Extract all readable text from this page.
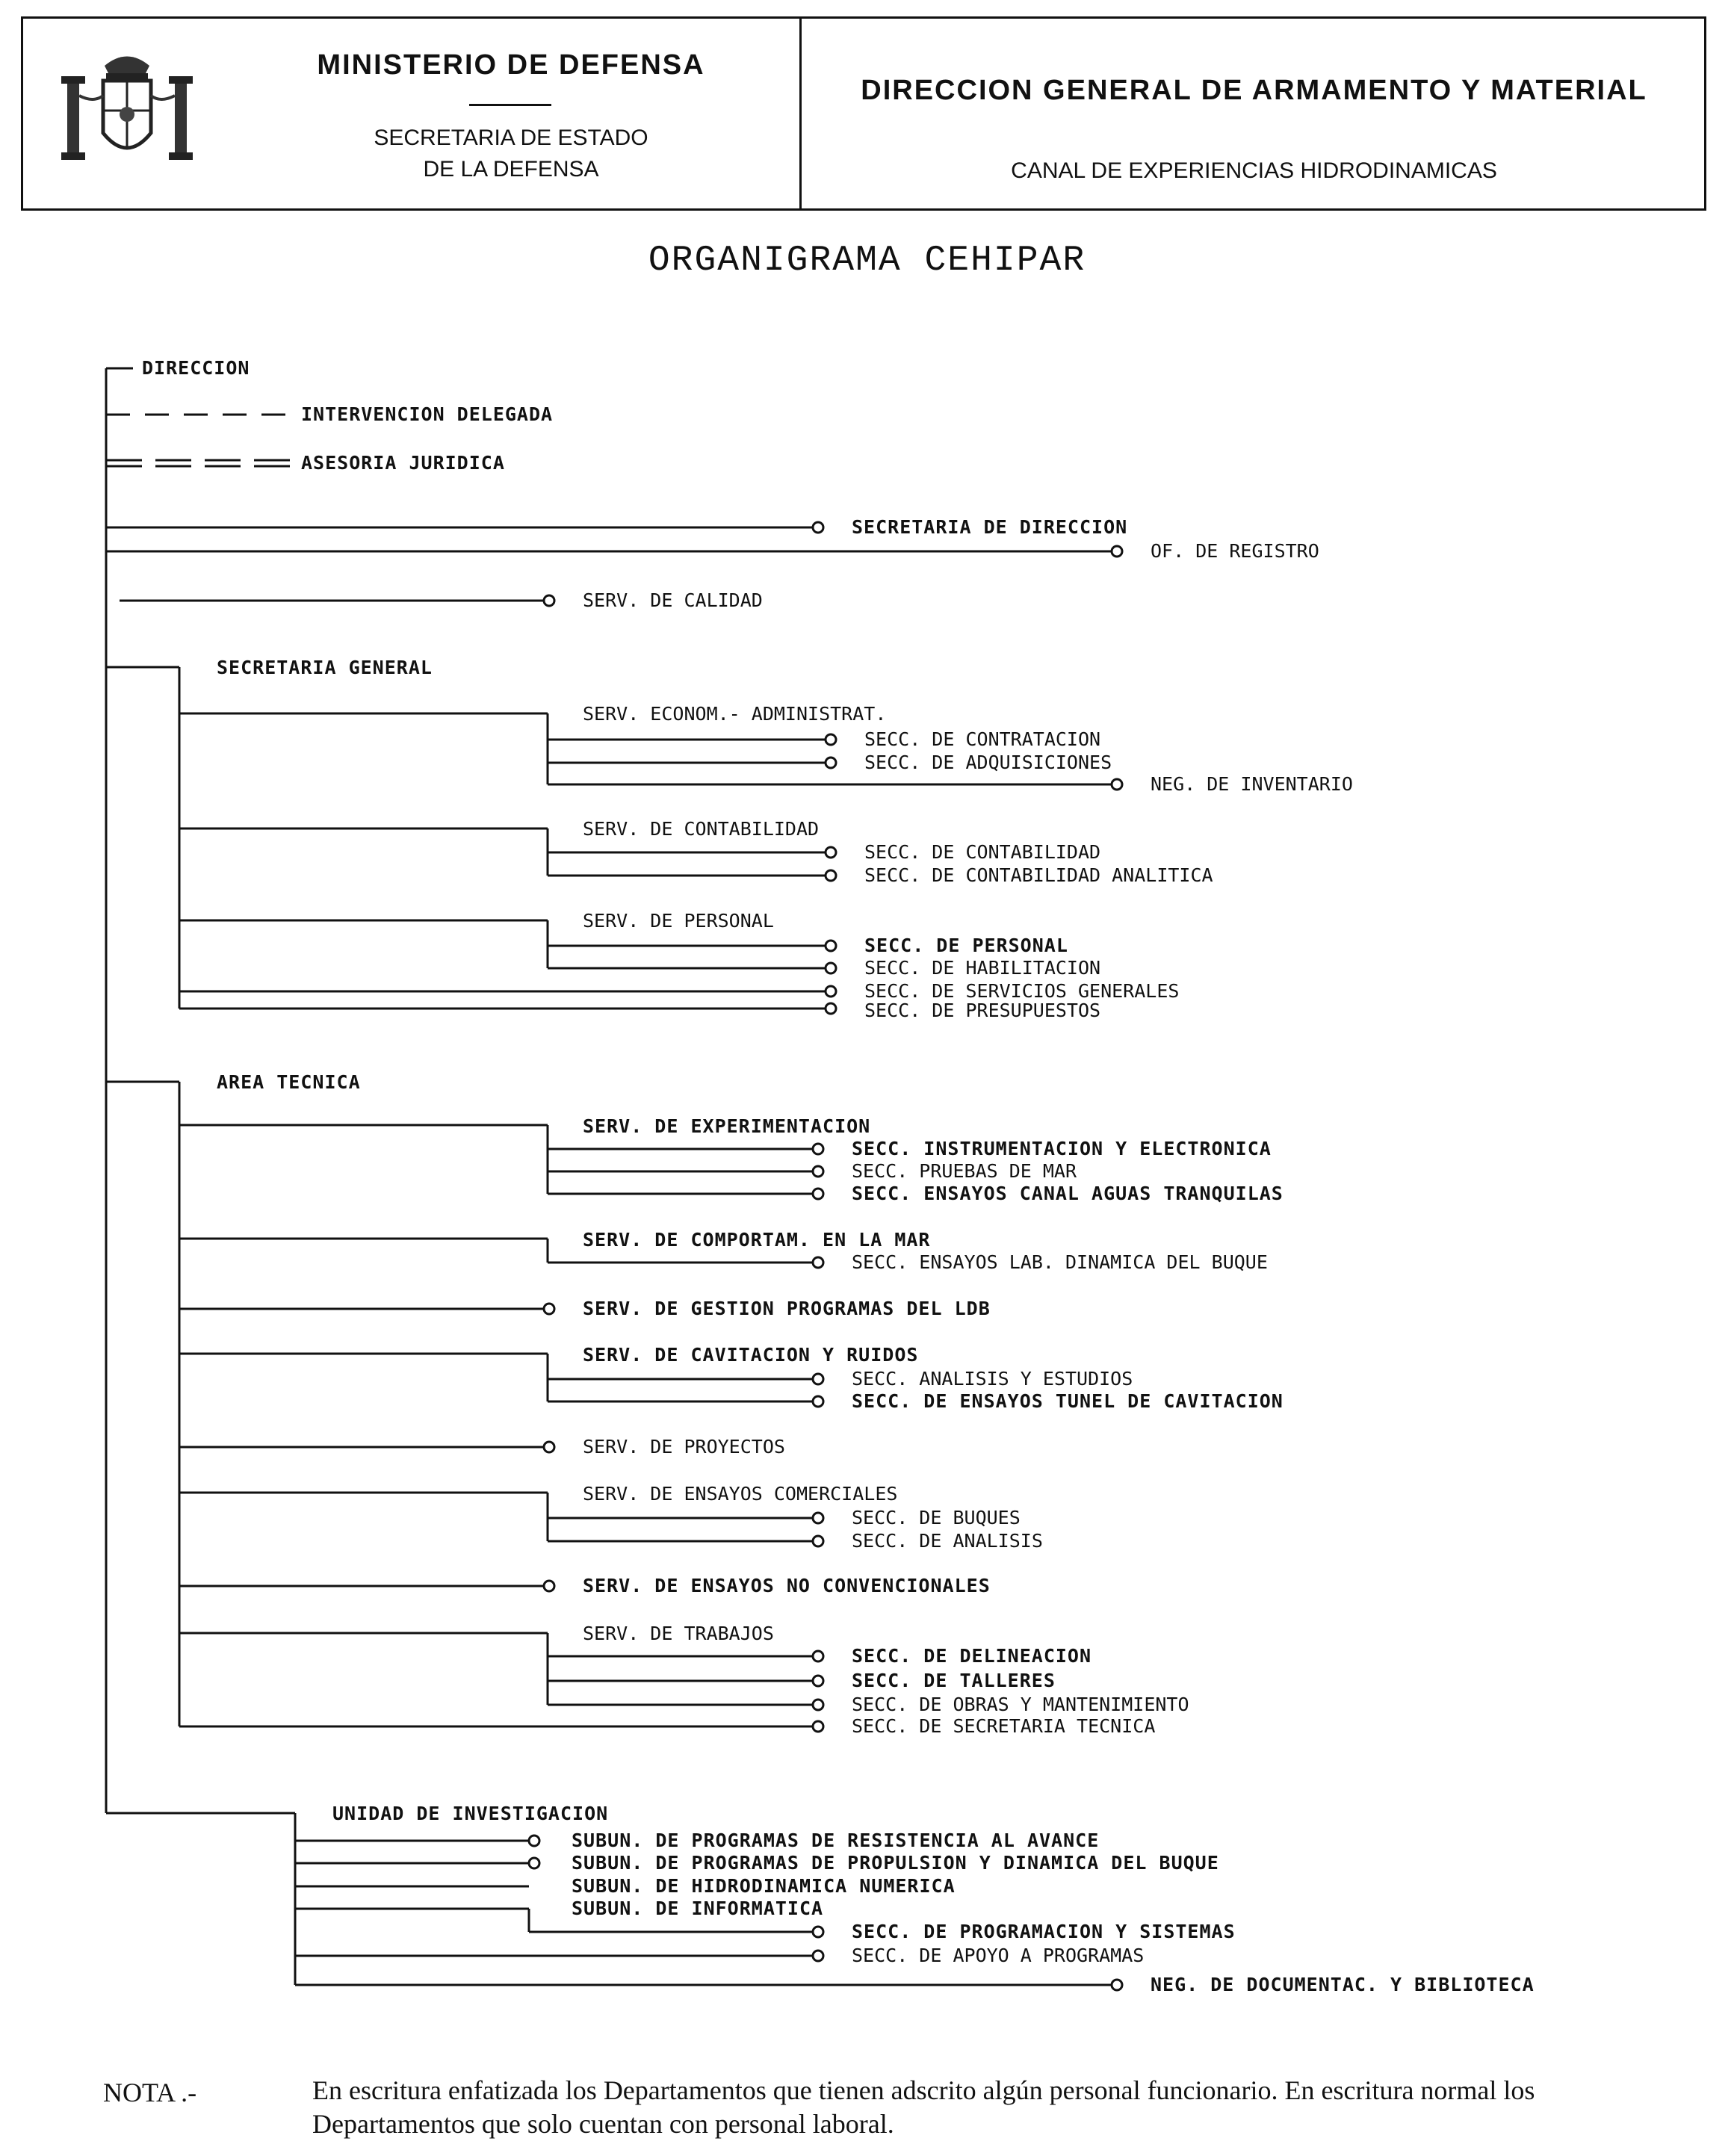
MINISTERIO DE DEFENSA
SECRETARIA DE ESTADO
DE LA DEFENSA
DIRECCION GENERAL DE ARMAMENTO Y MATERIAL
CANAL DE EXPERIENCIAS HIDRODINAMICAS
ORGANIGRAMA CEHIPAR
DIRECCION
INTERVENCION DELEGADA
ASESORIA JURIDICA
SECRETARIA DE DIRECCION
OF. DE REGISTRO
SERV. DE CALIDAD
SECRETARIA GENERAL
SERV. ECONOM.- ADMINISTRAT.
SECC. DE CONTRATACION
SECC. DE ADQUISICIONES
NEG. DE INVENTARIO
SERV. DE CONTABILIDAD
SECC. DE CONTABILIDAD
SECC. DE CONTABILIDAD ANALITICA
SERV. DE PERSONAL
SECC. DE PERSONAL
SECC. DE HABILITACION
SECC. DE SERVICIOS GENERALES
SECC. DE PRESUPUESTOS
AREA TECNICA
SERV. DE EXPERIMENTACION
SECC. INSTRUMENTACION Y ELECTRONICA
SECC. PRUEBAS DE MAR
SECC. ENSAYOS CANAL AGUAS TRANQUILAS
SERV. DE COMPORTAM. EN LA MAR
SECC. ENSAYOS LAB. DINAMICA DEL BUQUE
SERV. DE GESTION PROGRAMAS DEL LDB
SERV. DE CAVITACION Y RUIDOS
SECC. ANALISIS Y ESTUDIOS
SECC. DE ENSAYOS TUNEL DE CAVITACION
SERV. DE PROYECTOS
SERV. DE ENSAYOS COMERCIALES
SECC. DE BUQUES
SECC. DE ANALISIS
SERV. DE ENSAYOS NO CONVENCIONALES
SERV. DE TRABAJOS
SECC. DE DELINEACION
SECC. DE TALLERES
SECC. DE OBRAS Y MANTENIMIENTO
SECC. DE SECRETARIA TECNICA
UNIDAD DE INVESTIGACION
SUBUN. DE PROGRAMAS DE RESISTENCIA AL AVANCE
SUBUN. DE PROGRAMAS DE PROPULSION Y DINAMICA DEL BUQUE
SUBUN. DE HIDRODINAMICA NUMERICA
SUBUN. DE INFORMATICA
SECC. DE PROGRAMACION Y SISTEMAS
SECC. DE APOYO A PROGRAMAS
NEG. DE DOCUMENTAC. Y BIBLIOTECA
NOTA .-	En escritura enfatizada los Departamentos que tienen adscrito algún personal funcionario. En escritura normal los Departamentos que solo cuentan con personal laboral.
